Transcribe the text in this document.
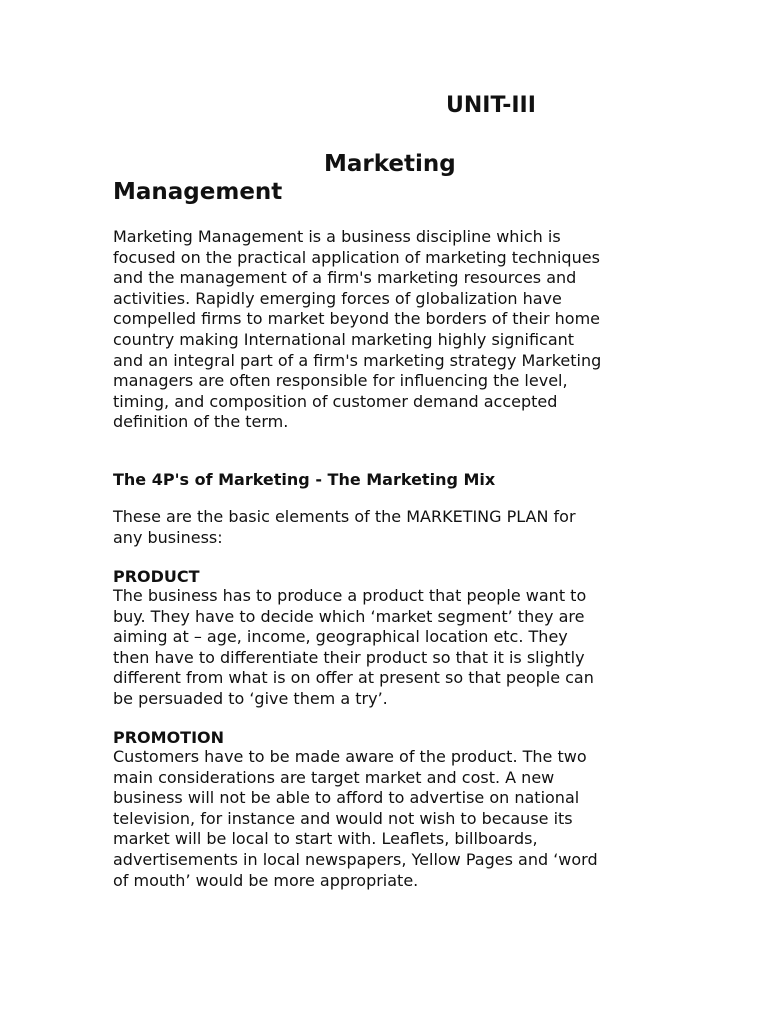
UNIT-III
Marketing
Management

Marketing Management is a business discipline which is
focused on the practical application of marketing techniques
and the management of a firm's marketing resources and
activities. Rapidly emerging forces of globalization have
compelled firms to market beyond the borders of their home
country making International marketing highly significant
and an integral part of a firm's marketing strategy Marketing
managers are often responsible for influencing the level,
timing, and composition of customer demand accepted
definition of the term.

The 4P's of Marketing - The Marketing Mix

These are the basic elements of the MARKETING PLAN for
any business:

PRODUCT

The business has to produce a product that people want to
buy. They have to decide which ‘market segment’ they are
aiming at – age, income, geographical location etc. They
then have to differentiate their product so that it is slightly
different from what is on offer at present so that people can
be persuaded to ‘give them a try’.

PROMOTION

Customers have to be made aware of the product. The two
main considerations are target market and cost. A new
business will not be able to afford to advertise on national
television, for instance and would not wish to because its
market will be local to start with. Leaflets, billboards,
advertisements in local newspapers, Yellow Pages and ‘word
of mouth’ would be more appropriate.
